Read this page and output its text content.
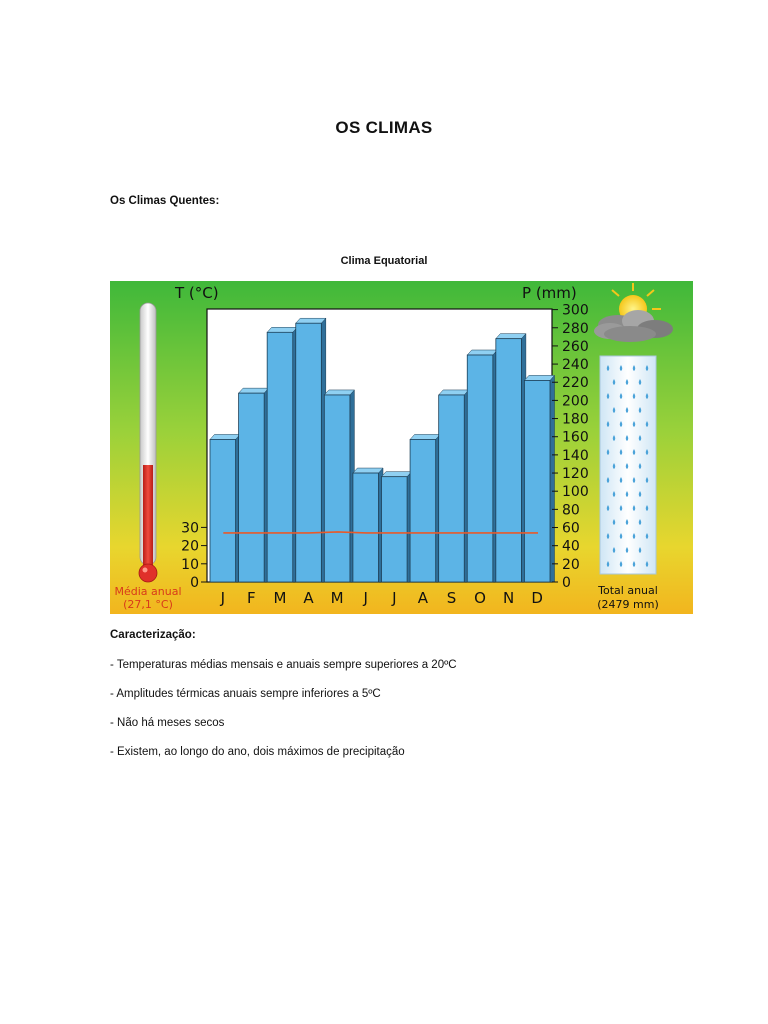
OS CLIMAS
Os Climas Quentes:
Clima Equatorial
300
280
260
240
220
200
180
160
140
120
100
80
60
40
20
0
30
20
10
0
J F M A M J J A S O N D
T (°C)	P (mm)
Média anual
(27,1 °C)
Total anual
(2479 mm)
Caracterização:
- Temperaturas médias mensais e anuais sempre superiores a 20ºC
- Amplitudes térmicas anuais sempre inferiores a 5ºC
- Não há meses secos
- Existem, ao longo do ano, dois máximos de precipitação
